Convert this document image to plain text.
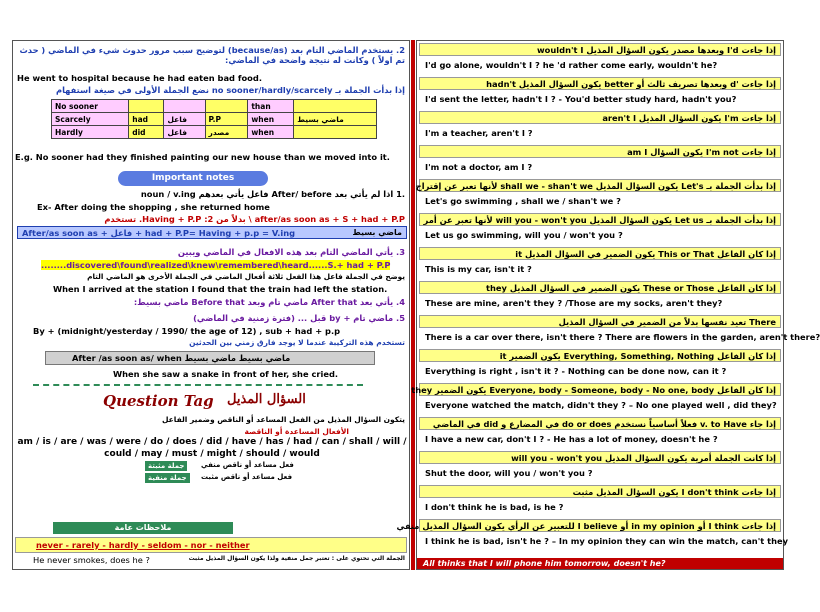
2. يستخدم الماضي التام بعد (because/as) لتوضيح سبب مرور حدوث شيء في الماضي ( حدث تم اولاً ) وكانت له نتيجة واضحة في الماضي:
He went to hospital because he had eaten bad food.
إذا بدأت الجملة بـ no sooner/hardly/scarcely نضع الجملة الأولى في صيغة استفهام
No sooner				than	
Scarcely	had	فاعل	P.P	when	ماضي بسيط
Hardly	did	فاعل	مصدر	when	
E.g. No sooner had they finished painting our new house than we moved into it.
Important notes
.1 اذا لم يأتي بعد After/ before فاعل يأتي بعدهم noun / v.ing
Ex- After doing the shopping , she returned home
after/as soon as + S + had + P.P \ بدلاً من Having + P.P :2. تستخدم
After/as soon as + فاعل + had + P.P= Having + p.p = V.ing	ماضي بسيط
3. يأتي الماضي التام بعد هذه الافعال في الماضي ويبين
........discovered\found\realized\knew\remembered\heard......S.+ had + P.P
يوضح في الجملة فاعل هذا الفعل ثلاثة أفعال الماضي في الجملة الأخرى هو الماضي التام
When I arrived at the station I found that the train had left the station.
4. يأتي بعد After that ماضي تام وبعد Before that ماضي بسيط:
5. ماضي تام + by قبل ... (فترة زمنية في الماضي)
By + (midnight/yesterday / 1990/ the age of 12) , sub + had + p.p
تستخدم هذه التركيبة عندما لا يوجد فارق زمني بين الحدثين
After /as soon as/ when ماضي بسيط ماضي بسيط
When she saw a snake in front of her, she cried.
Question Tag السؤال المذيل
يتكون السؤال المذيل من الفعل المساعد أو الناقص وضمير الفاعل
الأفعال المساعدة أو الناقصة
am / is / are / was / were / do / does / did / have / has / had / can / shall / will /
could / may / must / might / should / would
جملة مثبتة	فعل مساعد أو ناقص منفي
جملة منفية	فعل مساعد أو ناقص مثبت
ملاحظات عامة
never - rarely - hardly - seldom - nor - neither
الجملة التي تحتوي على : تعتبر جمل منفية ولذا يكون السؤال المذيل مثبت
He never smokes, does he ?
إذا جاءت I'd وبعدها مصدر يكون السؤال المذيل wouldn't I
I'd go alone, wouldn't I ? he 'd rather come early, wouldn't he?
إذا جاءت 'd وبعدها تصريف ثالث أو better يكون السؤال المذيل hadn't
I'd sent the letter, hadn't I ? - You'd better study hard, hadn't you?
إذا جاءت I'm يكون السؤال المذيل aren't I
I'm a teacher, aren't I ?
إذا جاءت I'm not يكون السؤال am I
I'm not a doctor, am I ?
إذا بدأت الجملة بـ Let's يكون السؤال المذيل shall we - shan't we لأنها تعبر عن إقتراح
Let's go swimming , shall we / shan't we ?
إذا بدأت الجملة بـ Let us يكون السؤال المذيل will you - won't you لأنها تعبر عن أمر
Let us go swimming, will you / won't you ?
إذا كان الفاعل This or That يكون الضمير في السؤال المذيل it
This is my car, isn't it ?
إذا كان الفاعل These or Those يكون الضمير في السؤال المذيل they
These are mine, aren't they ? /Those are my socks, aren't they?
There تعيد نفسها بدلاً من الضمير في السؤال المذيل
There is a car over there, isn't there ? There are flowers in the garden, aren't there?
إذا كان الفاعل Everything, Something, Nothing يكون الضمير it
Everything is right , isn't it ? - Nothing can be done now, can it ?
إذا كان الفاعل Everyone, body - Someone, body - No one, body يكون الضمير they
Everyone watched the match, didn't they ? – No one played well , did they?
إذا جاء v. to Have فعلاً أساسياً نستخدم do or does في المضارع و did في الماضي
I have a new car, don't I ? - He has a lot of money, doesn't he ?
إذا كانت الجملة أمرية يكون السؤال المذيل will you - won't you
Shut the door, will you / won't you ?
إذا جاءت I don't think يكون السؤال المذيل مثبت
I don't think he is bad, is he ?
إذا جاءت I think أو in my opinion أو I believe للتعبير عن الرأي يكون السؤال المذيل منفي
I think he is bad, isn't he ? – In my opinion they can win the match, can't they
All thinks that I will phone him tomorrow, doesn't he?
